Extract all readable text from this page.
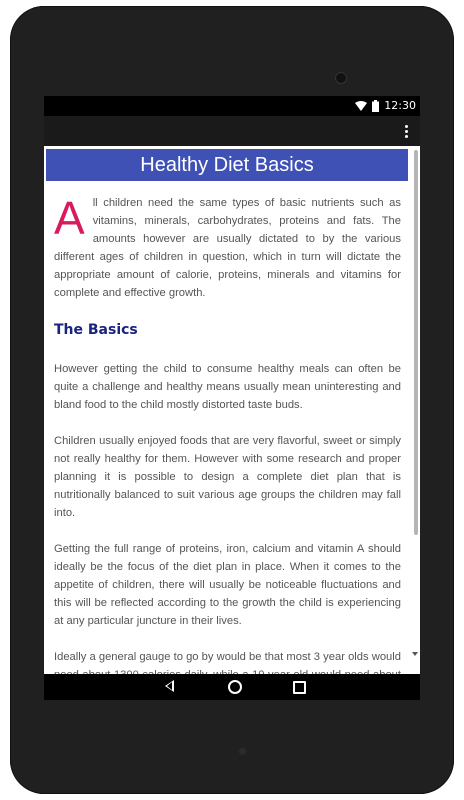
12:30
Healthy Diet Basics

All children need the same types of basic nutrients such as vitamins, minerals, carbohydrates, proteins and fats. The amounts however are usually dictated to by the various different ages of children in question, which in turn will dictate the appropriate amount of calorie, proteins, minerals and vitamins for complete and effective growth.

The Basics

However getting the child to consume healthy meals can often be quite a challenge and healthy means usually mean uninteresting and bland food to the child mostly distorted taste buds.

Children usually enjoyed foods that are very flavorful, sweet or simply not really healthy for them. However with some research and proper planning it is possible to design a complete diet plan that is nutritionally balanced to suit various age groups the children may fall into.

Getting the full range of proteins, iron, calcium and vitamin A should ideally be the focus of the diet plan in place. When it comes to the appetite of children, there will usually be noticeable fluctuations and this will be reflected according to the growth the child is experiencing at any particular juncture in their lives.

Ideally a general gauge to go by would be that most 3 year olds would
